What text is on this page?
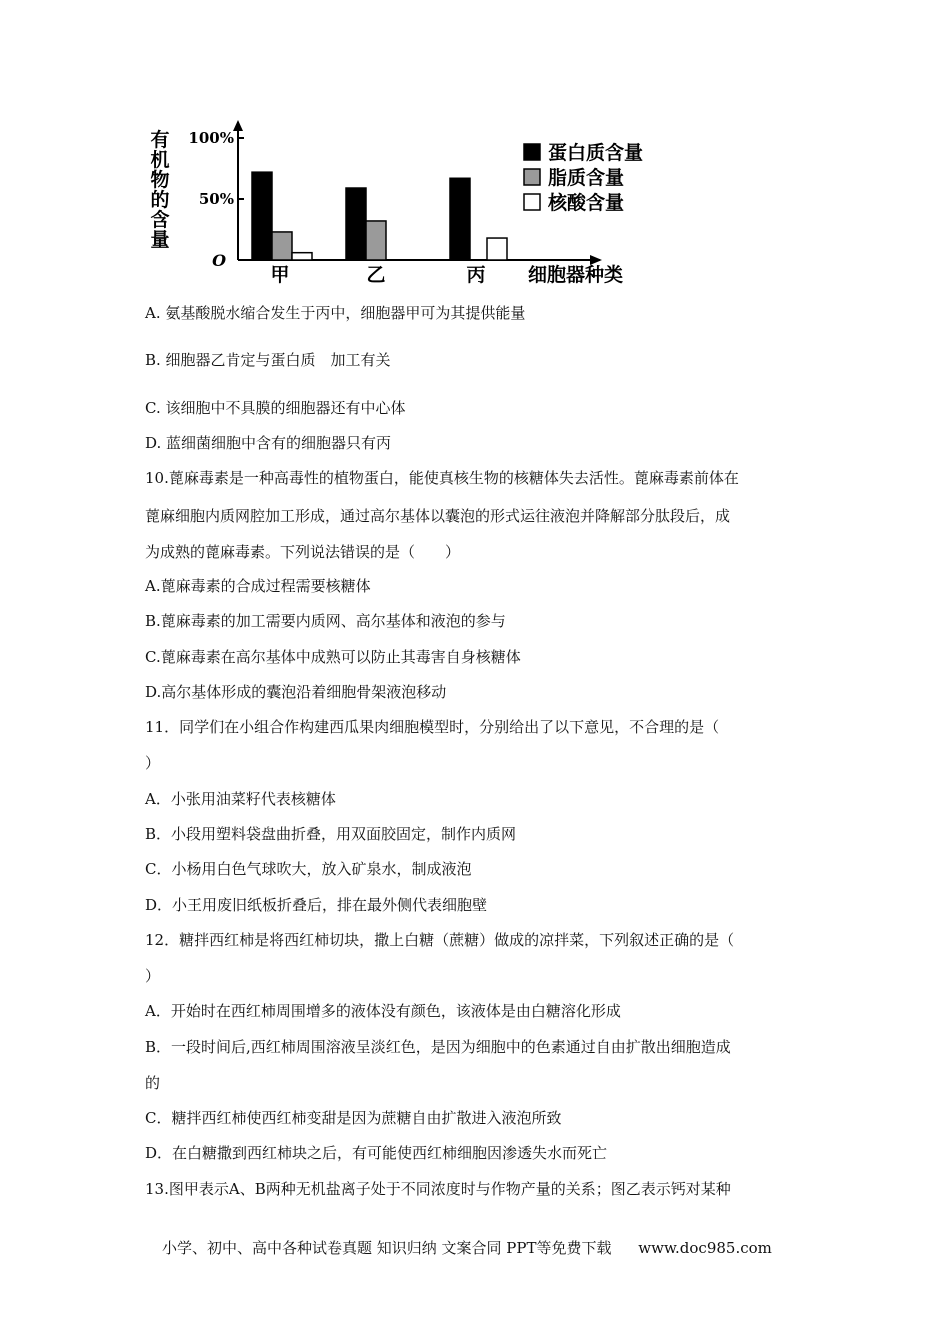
100%
50%
O
有
机
物
的
含
量
甲	乙	丙 细胞器种类
蛋白质含量
脂质含量
核酸含量
A. 氨基酸脱水缩合发生于丙中，细胞器甲可为其提供能量
B. 细胞器乙肯定与蛋白质　加工有关
C. 该细胞中不具膜的细胞器还有中心体
D. 蓝细菌细胞中含有的细胞器只有丙
10.蓖麻毒素是一种高毒性的植物蛋白，能使真核生物的核糖体失去活性。蓖麻毒素前体在
蓖麻细胞内质网腔加工形成，通过高尔基体以囊泡的形式运往液泡并降解部分肽段后，成
为成熟的蓖麻毒素。下列说法错误的是（　　）
A.蓖麻毒素的合成过程需要核糖体
B.蓖麻毒素的加工需要内质网、高尔基体和液泡的参与
C.蓖麻毒素在高尔基体中成熟可以防止其毒害自身核糖体
D.高尔基体形成的囊泡沿着细胞骨架液泡移动
11．同学们在小组合作构建西瓜果肉细胞模型时，分别给出了以下意见，不合理的是（
）
A．小张用油菜籽代表核糖体
B．小段用塑料袋盘曲折叠，用双面胶固定，制作内质网
C．小杨用白色气球吹大，放入矿泉水，制成液泡
D．小王用废旧纸板折叠后，排在最外侧代表细胞壁
12．糖拌西红柿是将西红柿切块，撒上白糖（蔗糖）做成的凉拌菜，下列叙述正确的是（
）
A．开始时在西红柿周围增多的液体没有颜色，该液体是由白糖溶化形成
B．一段时间后,西红柿周围溶液呈淡红色，是因为细胞中的色素通过自由扩散出细胞造成
的
C．糖拌西红柿使西红柿变甜是因为蔗糖自由扩散进入液泡所致
D．在白糖撒到西红柿块之后，有可能使西红柿细胞因渗透失水而死亡
13.图甲表示A、B两种无机盐离子处于不同浓度时与作物产量的关系；图乙表示钙对某种
小学、初中、高中各种试卷真题 知识归纳 文案合同 PPT等免费下载 www.doc985.com
